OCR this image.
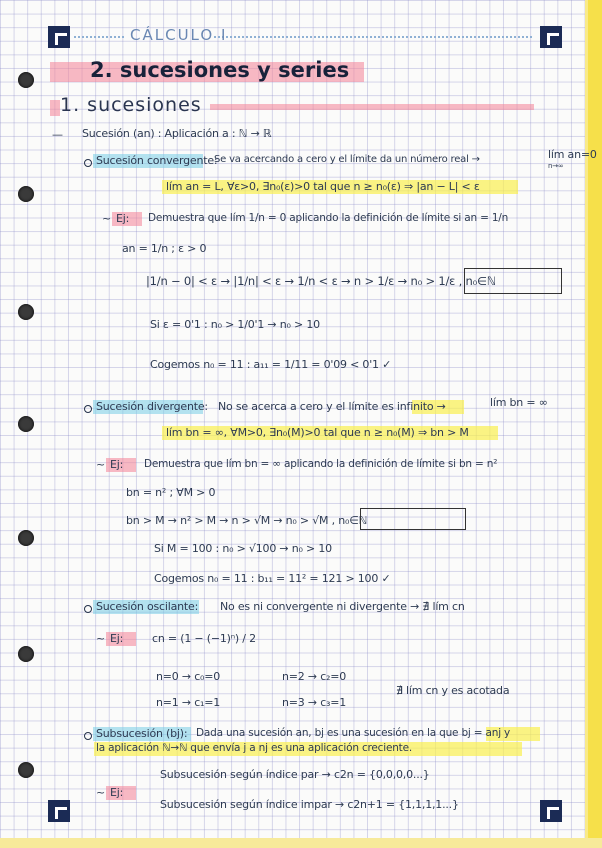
CÁLCULO I
2. sucesiones y series
1. sucesiones
— Sucesión (an) : Aplicación a : ℕ → ℝ
Sucesión convergente:
Se va acercando a cero y el límite da un número real →	lím an=0
n→∞
lím an = L, ∀ε>0, ∃n₀(ε)>0 tal que n ≥ n₀(ε) ⇒ |an − L| < ε
~ Ej: Demuestra que lím 1/n = 0 aplicando la definición de límite si an = 1/n
an = 1/n ; ε > 0
|1/n − 0| < ε → |1/n| < ε → 1/n < ε → n > 1/ε → n₀ > 1/ε , n₀∈ℕ
Si ε = 0'1 : n₀ > 1/0'1 → n₀ > 10
Cogemos n₀ = 11 : a₁₁ = 1/11 = 0'09 < 0'1 ✓
Sucesión divergente: No se acerca a cero y el límite es infinito →	lím bn = ∞
lím bn = ∞, ∀M>0, ∃n₀(M)>0 tal que n ≥ n₀(M) ⇒ bn > M
~ Ej: Demuestra que lím bn = ∞ aplicando la definición de límite si bn = n²
bn = n² ; ∀M > 0
bn > M → n² > M → n > √M → n₀ > √M , n₀∈ℕ
Si M = 100 : n₀ > √100 → n₀ > 10
Cogemos n₀ = 11 : b₁₁ = 11² = 121 > 100 ✓
Sucesión oscilante: No es ni convergente ni divergente → ∄ lím cn
~ Ej:	cn = (1 − (−1)ⁿ) / 2
n=0 → c₀=0	n=2 → c₂=0
n=1 → c₁=1	n=3 → c₃=1
∄ lím cn y es acotada
Subsucesión (bj): Dada una sucesión an, bj es una sucesión en la que bj = anj y
la aplicación ℕ→ℕ que envía j a nj es una aplicación creciente.
~ Ej:
Subsucesión según índice par → c2n = {0,0,0,0...}
Subsucesión según índice impar → c2n+1 = {1,1,1,1...}
